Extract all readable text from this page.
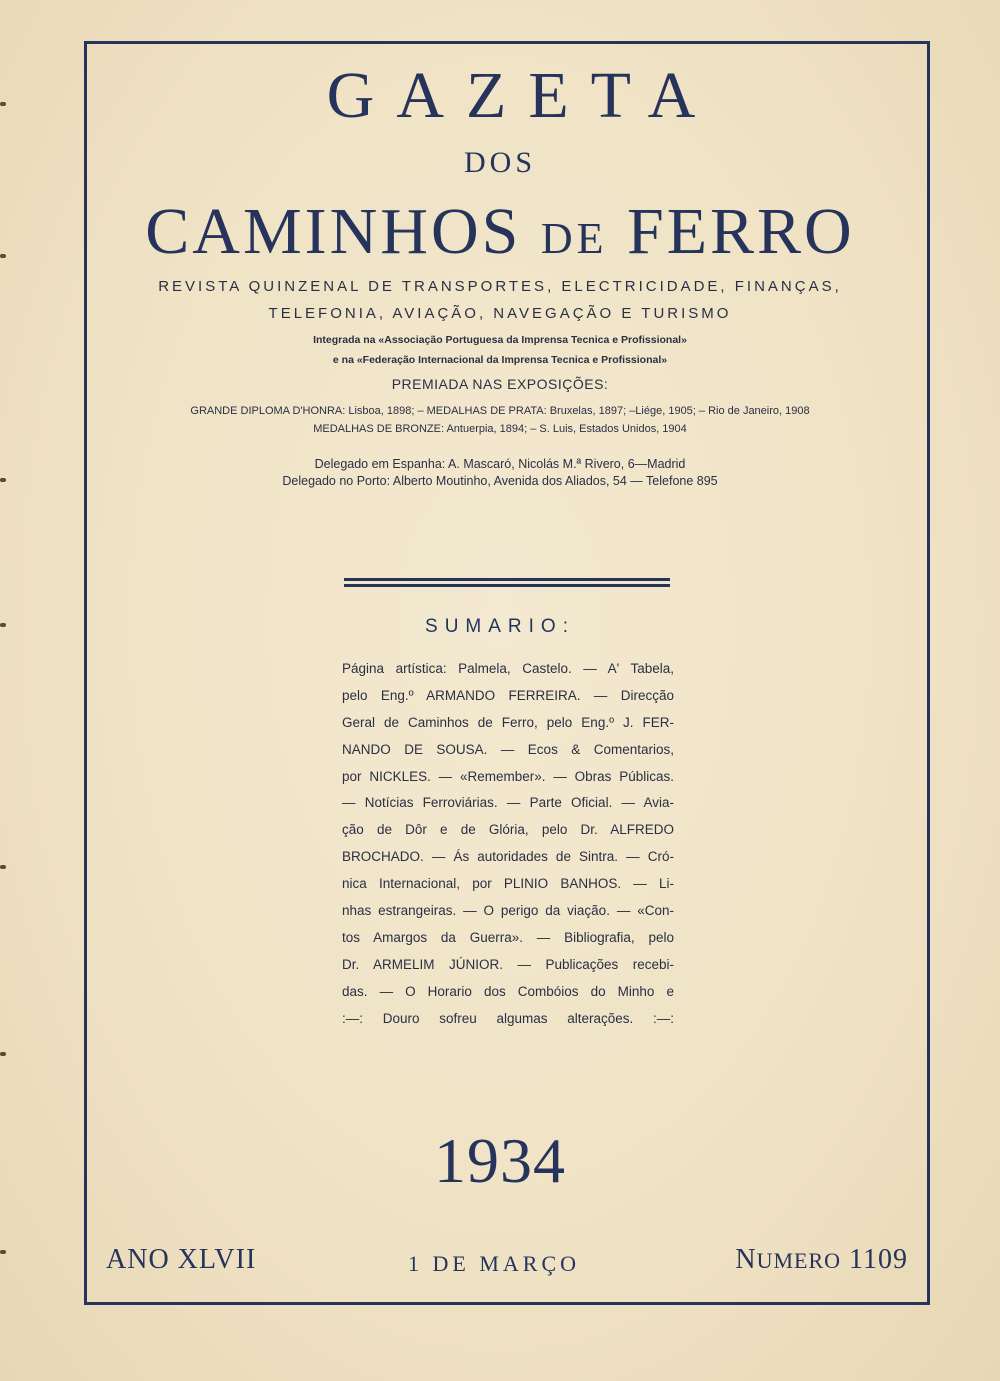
GAZETA
DOS
CAMINHOS DE FERRO
REVISTA QUINZENAL DE TRANSPORTES, ELECTRICIDADE, FINANÇAS,
TELEFONIA, AVIAÇÃO, NAVEGAÇÃO E TURISMO
Integrada na «Associação Portuguesa da Imprensa Tecnica e Profissional»
e na «Federação Internacional da Imprensa Tecnica e Profissional»
PREMIADA NAS EXPOSIÇÕES:
GRANDE DIPLOMA D'HONRA: Lisboa, 1898; – MEDALHAS DE PRATA: Bruxelas, 1897; –Liége, 1905; – Rio de Janeiro, 1908
MEDALHAS DE BRONZE: Antuerpia, 1894; – S. Luis, Estados Unidos, 1904
Delegado em Espanha: A. Mascaró, Nicolás M.ª Rivero, 6—Madrid
Delegado no Porto: Alberto Moutinho, Avenida dos Aliados, 54 — Telefone 895
SUMARIO:
Página artística: Palmela, Castelo. — A' Tabela,
pelo Eng.º ARMANDO FERREIRA. — Direcção
Geral de Caminhos de Ferro, pelo Eng.º J. FER-
NANDO DE SOUSA. — Ecos & Comentarios,
por NICKLES. — «Remember». — Obras Públicas.
— Notícias Ferroviárias. — Parte Oficial. — Avia-
ção de Dôr e de Glória, pelo Dr. ALFREDO
BROCHADO. — Ás autoridades de Sintra. — Cró-
nica Internacional, por PLINIO BANHOS. — Li-
nhas estrangeiras. — O perigo da viação. — «Con-
tos Amargos da Guerra». — Bibliografia, pelo
Dr. ARMELIM JÚNIOR. — Publicações recebi-
das. — O Horario dos Combóios do Minho e
:—: Douro sofreu algumas alterações. :—:
1934
ANO XLVII	1 DE MARÇO	NUMERO 1109
